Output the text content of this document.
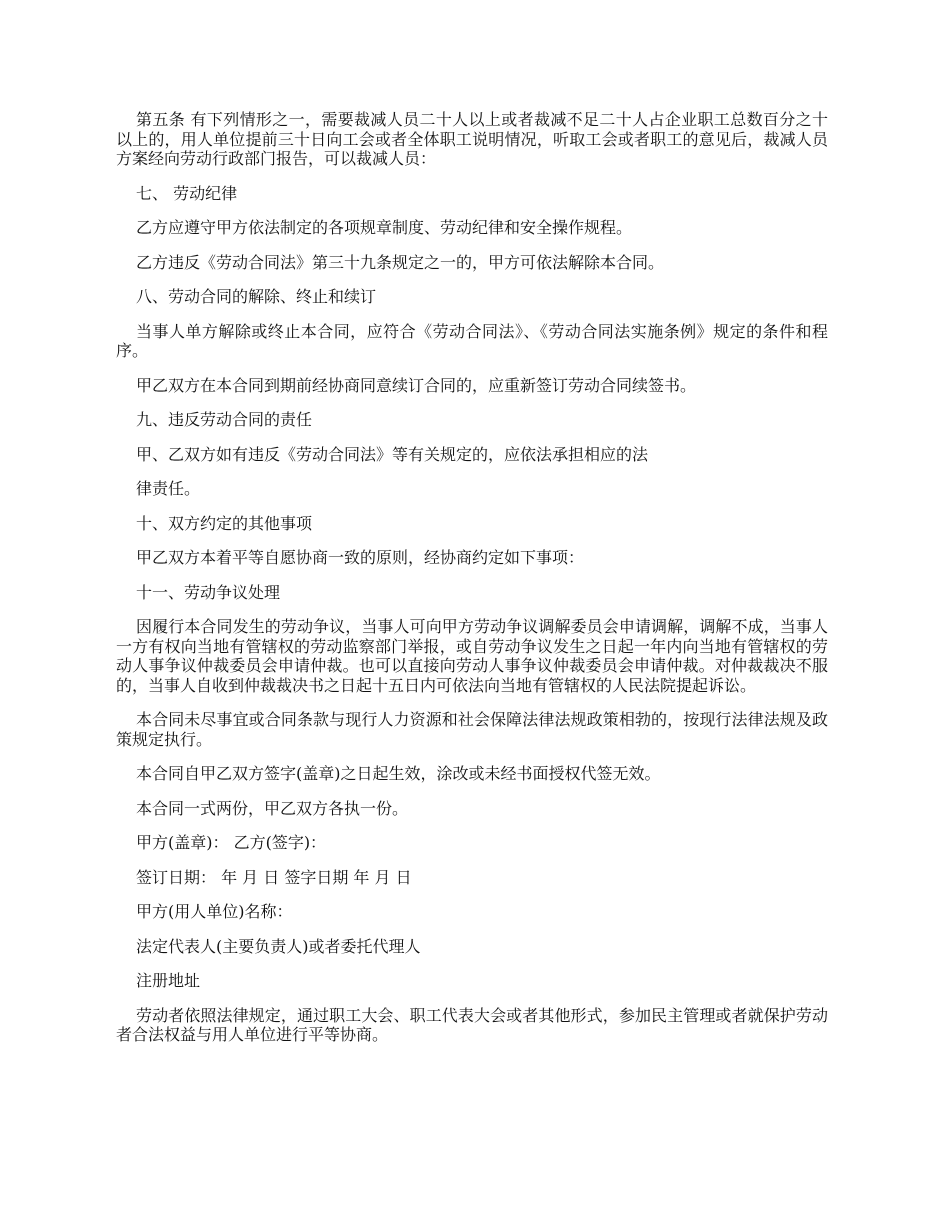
第五条 有下列情形之一，需要裁减人员二十人以上或者裁减不足二十人占企业职工总数百分之十以上的，用人单位提前三十日向工会或者全体职工说明情况，听取工会或者职工的意见后，裁减人员方案经向劳动行政部门报告，可以裁减人员：

七、 劳动纪律

乙方应遵守甲方依法制定的各项规章制度、劳动纪律和安全操作规程。

乙方违反《劳动合同法》第三十九条规定之一的，甲方可依法解除本合同。

八、劳动合同的解除、终止和续订

当事人单方解除或终止本合同，应符合《劳动合同法》、《劳动合同法实施条例》规定的条件和程序。

甲乙双方在本合同到期前经协商同意续订合同的，应重新签订劳动合同续签书。

九、违反劳动合同的责任

甲、乙双方如有违反《劳动合同法》等有关规定的，应依法承担相应的法

律责任。

十、双方约定的其他事项

甲乙双方本着平等自愿协商一致的原则，经协商约定如下事项：

十一、劳动争议处理

因履行本合同发生的劳动争议，当事人可向甲方劳动争议调解委员会申请调解，调解不成，当事人一方有权向当地有管辖权的劳动监察部门举报，或自劳动争议发生之日起一年内向当地有管辖权的劳动人事争议仲裁委员会申请仲裁。也可以直接向劳动人事争议仲裁委员会申请仲裁。对仲裁裁决不服的，当事人自收到仲裁裁决书之日起十五日内可依法向当地有管辖权的人民法院提起诉讼。

本合同未尽事宜或合同条款与现行人力资源和社会保障法律法规政策相勃的，按现行法律法规及政策规定执行。

本合同自甲乙双方签字(盖章)之日起生效，涂改或未经书面授权代签无效。

本合同一式两份，甲乙双方各执一份。

甲方(盖章)： 乙方(签字)：

签订日期： 年 月 日 签字日期 年 月 日

甲方(用人单位)名称：

法定代表人(主要负责人)或者委托代理人

注册地址

劳动者依照法律规定，通过职工大会、职工代表大会或者其他形式，参加民主管理或者就保护劳动者合法权益与用人单位进行平等协商。
